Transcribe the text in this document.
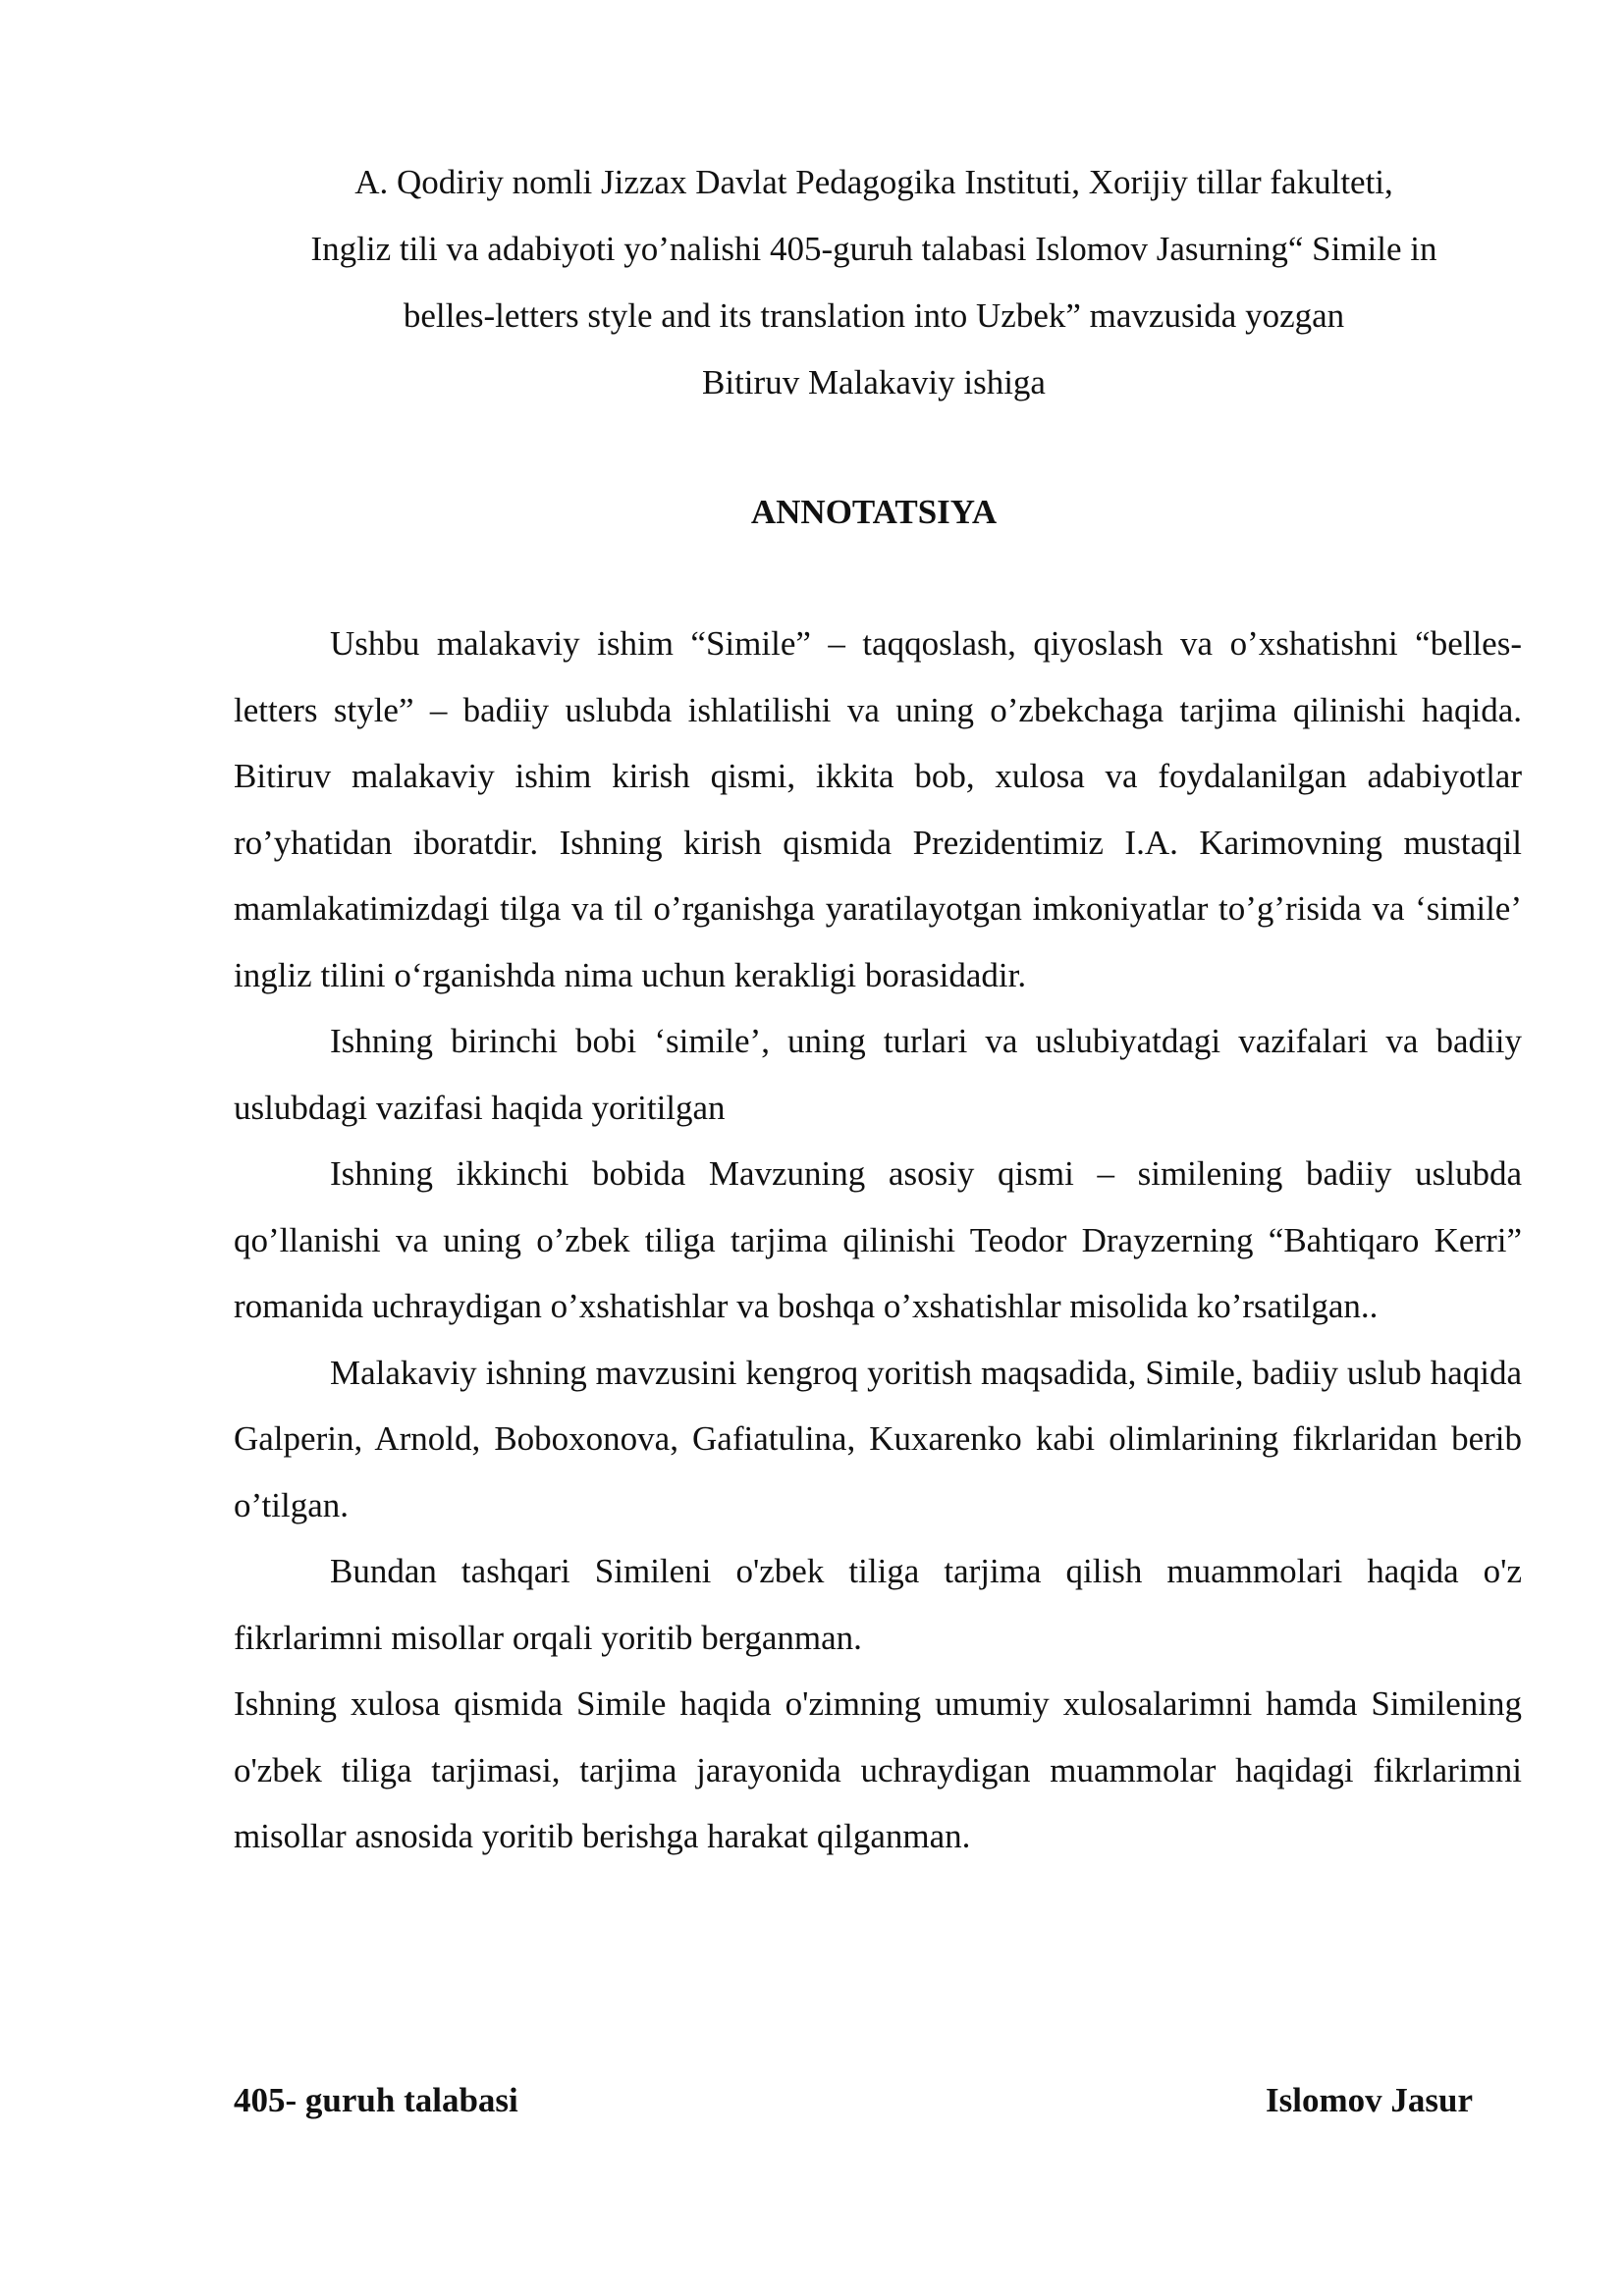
A. Qodiriy nomli Jizzax Davlat Pedagogika Instituti, Xorijiy tillar fakulteti,
Ingliz tili va adabiyoti yo’nalishi 405-guruh talabasi Islomov Jasurning“ Simile in
belles-letters style and its translation into Uzbek” mavzusida yozgan
Bitiruv Malakaviy ishiga
ANNOTATSIYA

Ushbu malakaviy ishim “Simile” – taqqoslash, qiyoslash va o’xshatishni “belles-letters style” – badiiy uslubda ishlatilishi va uning o’zbekchaga tarjima qilinishi haqida. Bitiruv malakaviy ishim kirish qismi, ikkita bob, xulosa va foydalanilgan adabiyotlar ro’yhatidan iboratdir. Ishning kirish qismida Prezidentimiz I.A. Karimovning mustaqil mamlakatimizdagi tilga va til o’rganishga yaratilayotgan imkoniyatlar to’g’risida va ‘simile’ ingliz tilini oʻrganishda nima uchun kerakligi borasidadir.

Ishning birinchi bobi ‘simile’, uning turlari va uslubiyatdagi vazifalari va badiiy uslubdagi vazifasi haqida yoritilgan

Ishning ikkinchi bobida Mavzuning asosiy qismi – similening badiiy uslubda qo’llanishi va uning o’zbek tiliga tarjima qilinishi Teodor Drayzerning “Bahtiqaro Kerri” romanida uchraydigan o’xshatishlar va boshqa o’xshatishlar misolida ko’rsatilgan..

Malakaviy ishning mavzusini kengroq yoritish maqsadida, Simile, badiiy uslub haqida Galperin, Arnold, Boboxonova, Gafiatulina, Kuxarenko kabi olimlarining fikrlaridan berib o’tilgan.

Bundan tashqari Simileni o'zbek tiliga tarjima qilish muammolari haqida o'z fikrlarimni misollar orqali yoritib berganman.

Ishning xulosa qismida Simile haqida o'zimning umumiy xulosalarimni hamda Similening o'zbek tiliga tarjimasi, tarjima jarayonida uchraydigan muammolar haqidagi fikrlarimni misollar asnosida yoritib berishga harakat qilganman.

405- guruh talabasi	Islomov Jasur
